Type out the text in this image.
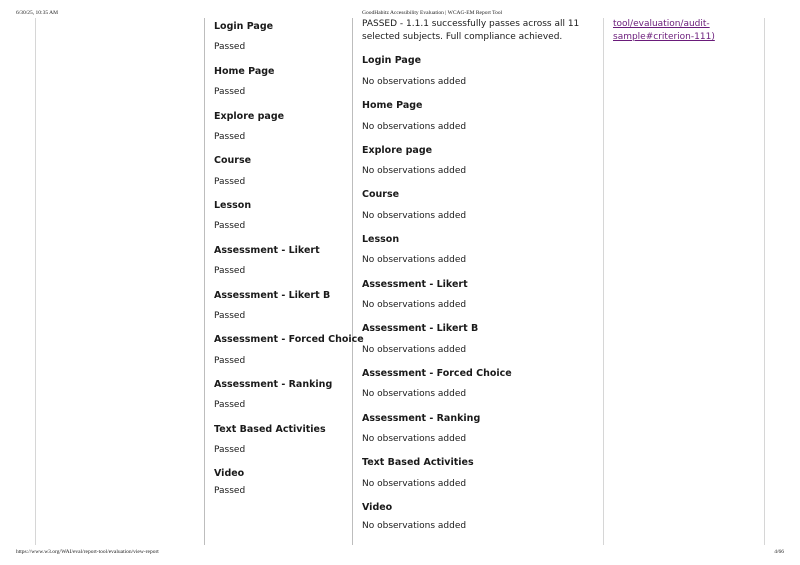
6/30/25, 10:35 AM	GoodHabitz Accessibility Evaluation | WCAG-EM Report Tool
Login Page
Passed
Home Page
Passed
Explore page
Passed
Course
Passed
Lesson
Passed
Assessment - Likert
Passed
Assessment - Likert B
Passed
Assessment - Forced Choice
Passed
Assessment - Ranking
Passed
Text Based Activities
Passed
Video
Passed
PASSED - 1.1.1 successfully passes across all 11 selected subjects. Full compliance achieved.
Login Page
No observations added
Home Page
No observations added
Explore page
No observations added
Course
No observations added
Lesson
No observations added
Assessment - Likert
No observations added
Assessment - Likert B
No observations added
Assessment - Forced Choice
No observations added
Assessment - Ranking
No observations added
Text Based Activities
No observations added
Video
No observations added
tool/evaluation/audit-sample#criterion-111)
https://www.w3.org/WAI/eval/report-tool/evaluation/view-report	4/66
